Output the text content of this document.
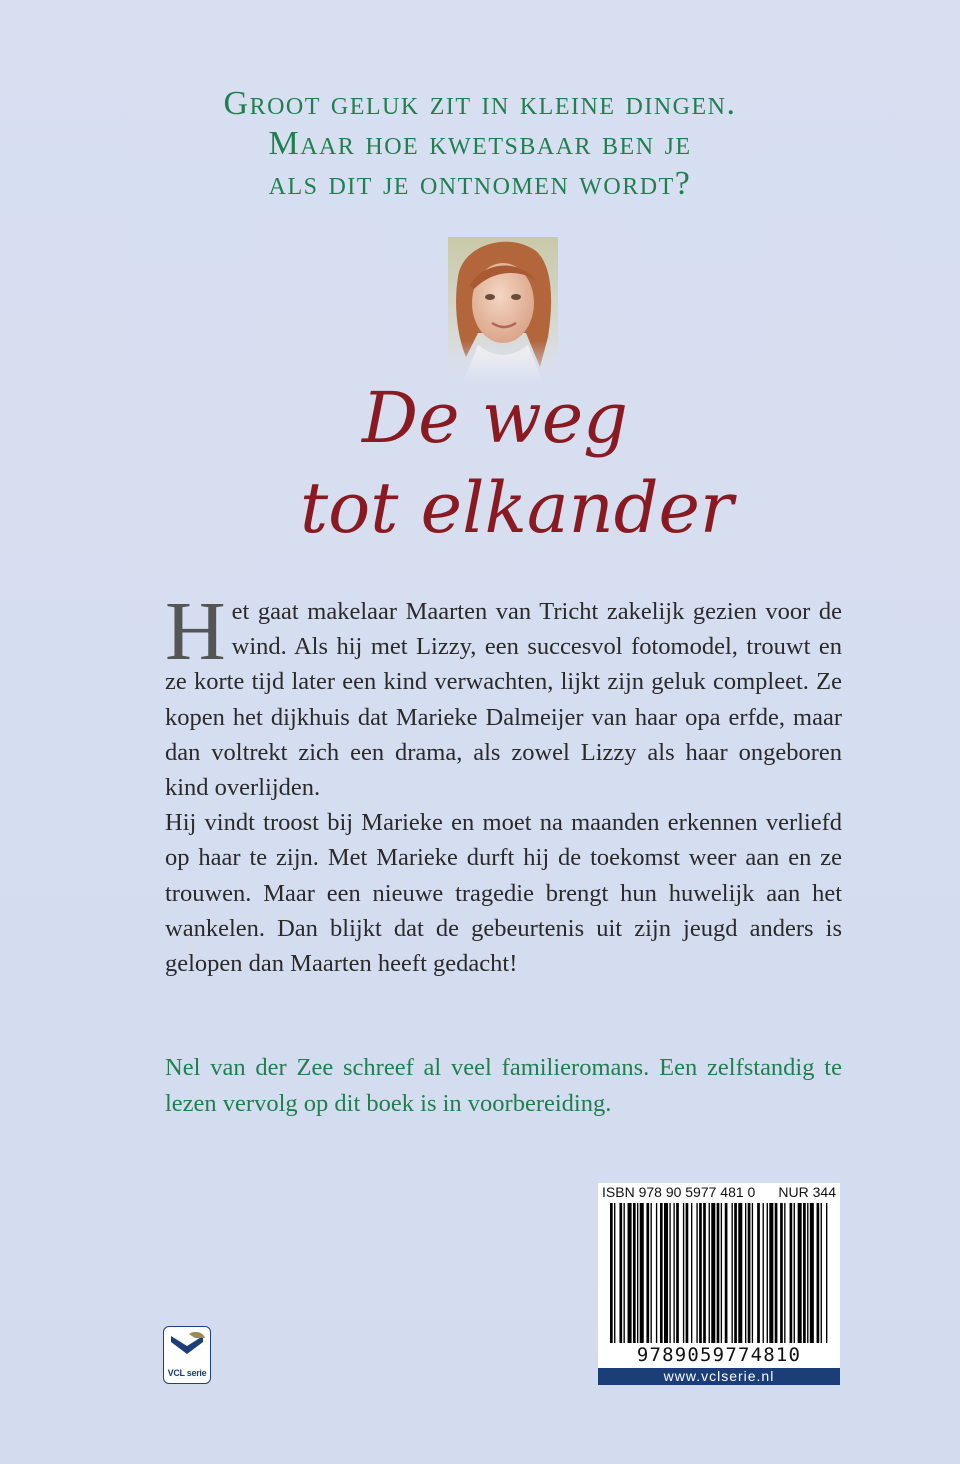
Groot geluk zit in kleine dingen.
Maar hoe kwetsbaar ben je
als dit je ontnomen wordt?
De weg
tot elkander

Het gaat makelaar Maarten van Tricht zakelijk gezien voor de wind. Als hij met Lizzy, een succesvol fotomodel, trouwt en ze korte tijd later een kind verwachten, lijkt zijn geluk compleet. Ze kopen het dijkhuis dat Marieke Dalmeijer van haar opa erfde, maar dan voltrekt zich een drama, als zowel Lizzy als haar ongeboren kind overlijden.

Hij vindt troost bij Marieke en moet na maanden erkennen verliefd op haar te zijn. Met Marieke durft hij de toekomst weer aan en ze trouwen. Maar een nieuwe tragedie brengt hun huwelijk aan het wankelen. Dan blijkt dat de gebeurtenis uit zijn jeugd anders is gelopen dan Maarten heeft gedacht!

Nel van der Zee schreef al veel familieromans. Een zelfstandig te lezen vervolg op dit boek is in voorbereiding.
ISBN 978 90 5977 481 0 NUR 344
9789059774810
www.vclserie.nl
VCL serie
